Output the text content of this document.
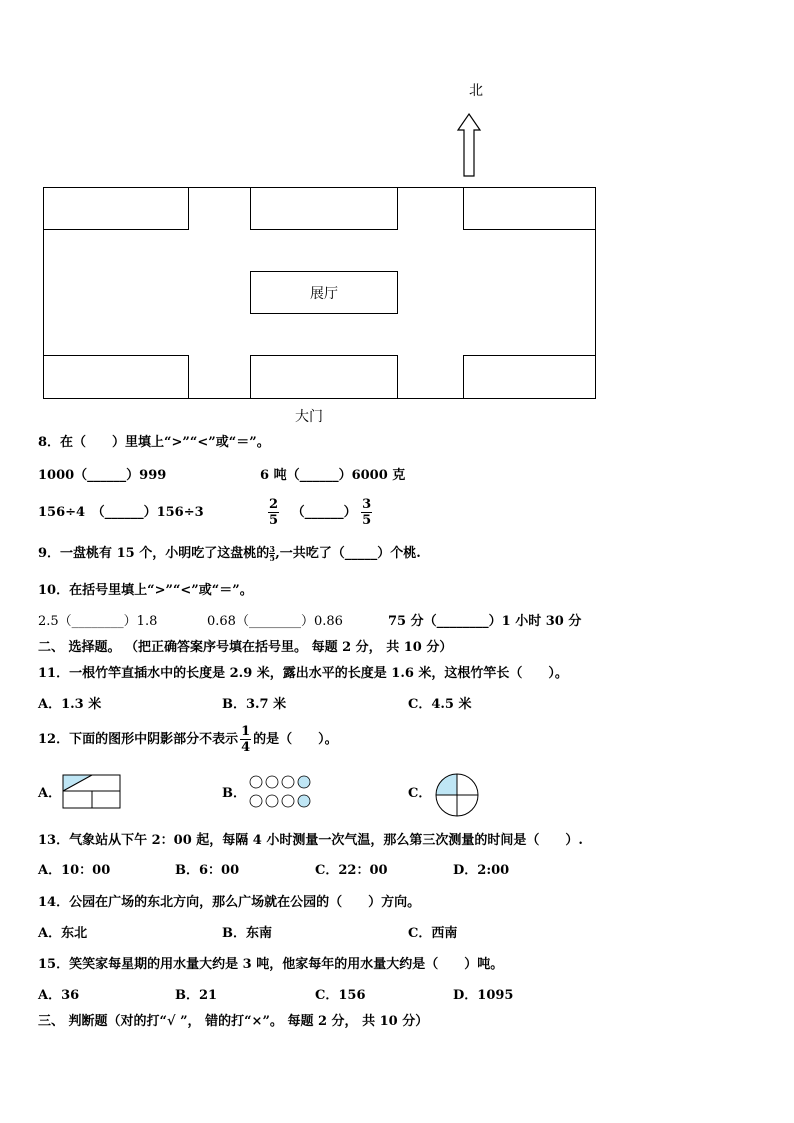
北
展厅
大门
8．在（　　）里填上“>”“<”或“＝”。
1000（______）999	6 吨（______）6000 克
156÷4　（______）156÷3	$\frac{2}{5}$ （______） $\frac{3}{5}$
9．一盘桃有 15 个，小明吃了这盘桃的 $\frac{3}{5}$ ,一共吃了（_____）个桃.
10．在括号里填上“>”“<”或“＝”。
2.5（________）1.8	0.68（________）0.86	75 分（________）1 小时 30 分
二、 选择题。 （把正确答案序号填在括号里。 每题 2 分， 共 10 分）
11．一根竹竿直插水中的长度是 2.9 米，露出水平的长度是 1.6 米，这根竹竿长（　　）。
A．1.3 米	B．3.7 米	C．4.5 米
12．下面的图形中阴影部分不表示 $\frac{1}{4}$ 的是（　　）。
A．	B．	C．
13．气象站从下午 2：00 起，每隔 4 小时测量一次气温，那么第三次测量的时间是（　　）.
A．10：00	B．6：00	C．22：00	D．2:00
14．公园在广场的东北方向，那么广场就在公园的（　　）方向。
A．东北	B．东南	C．西南
15．笑笑家每星期的用水量大约是 3 吨，他家每年的用水量大约是（　　）吨。
A．36	B．21	C．156	D．1095
三、 判断题（对的打“√ ”， 错的打“×”。 每题 2 分， 共 10 分）
